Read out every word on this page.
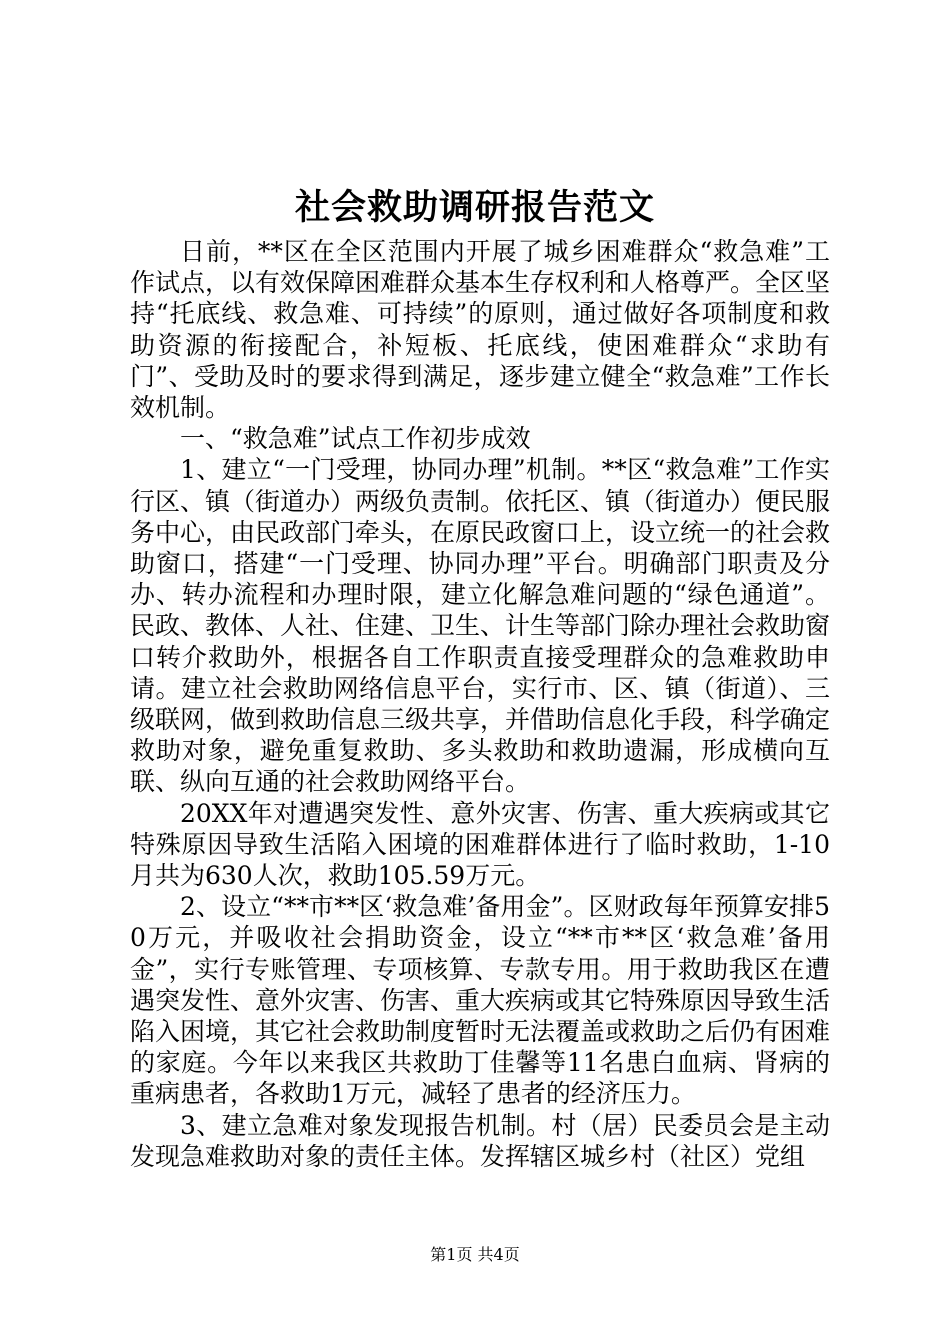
社会救助调研报告范文

日前，**区在全区范围内开展了城乡困难群众“救急难”工作试点，以有效保障困难群众基本生存权利和人格尊严。全区坚持“托底线、救急难、可持续”的原则，通过做好各项制度和救助资源的衔接配合，补短板、托底线，使困难群众“求助有门”、受助及时的要求得到满足，逐步建立健全“救急难”工作长效机制。

一、“救急难”试点工作初步成效

1、建立“一门受理，协同办理”机制。**区“救急难”工作实行区、镇（街道办）两级负责制。依托区、镇（街道办）便民服务中心，由民政部门牵头，在原民政窗口上，设立统一的社会救助窗口，搭建“一门受理、协同办理”平台。明确部门职责及分办、转办流程和办理时限，建立化解急难问题的“绿色通道”。民政、教体、人社、住建、卫生、计生等部门除办理社会救助窗口转介救助外，根据各自工作职责直接受理群众的急难救助申请。建立社会救助网络信息平台，实行市、区、镇（街道）、三级联网，做到救助信息三级共享，并借助信息化手段，科学确定救助对象，避免重复救助、多头救助和救助遗漏，形成横向互联、纵向互通的社会救助网络平台。

20XX年对遭遇突发性、意外灾害、伤害、重大疾病或其它特殊原因导致生活陷入困境的困难群体进行了临时救助，1-10月共为630人次，救助105.59万元。

2、设立“**市**区‘救急难’备用金”。区财政每年预算安排50万元，并吸收社会捐助资金，设立“**市**区‘救急难’备用金”，实行专账管理、专项核算、专款专用。用于救助我区在遭遇突发性、意外灾害、伤害、重大疾病或其它特殊原因导致生活陷入困境，其它社会救助制度暂时无法覆盖或救助之后仍有困难的家庭。今年以来我区共救助丁佳馨等11名患白血病、肾病的重病患者，各救助1万元，减轻了患者的经济压力。

3、建立急难对象发现报告机制。村（居）民委员会是主动发现急难救助对象的责任主体。发挥辖区城乡村（社区）党组

第1页 共4页
